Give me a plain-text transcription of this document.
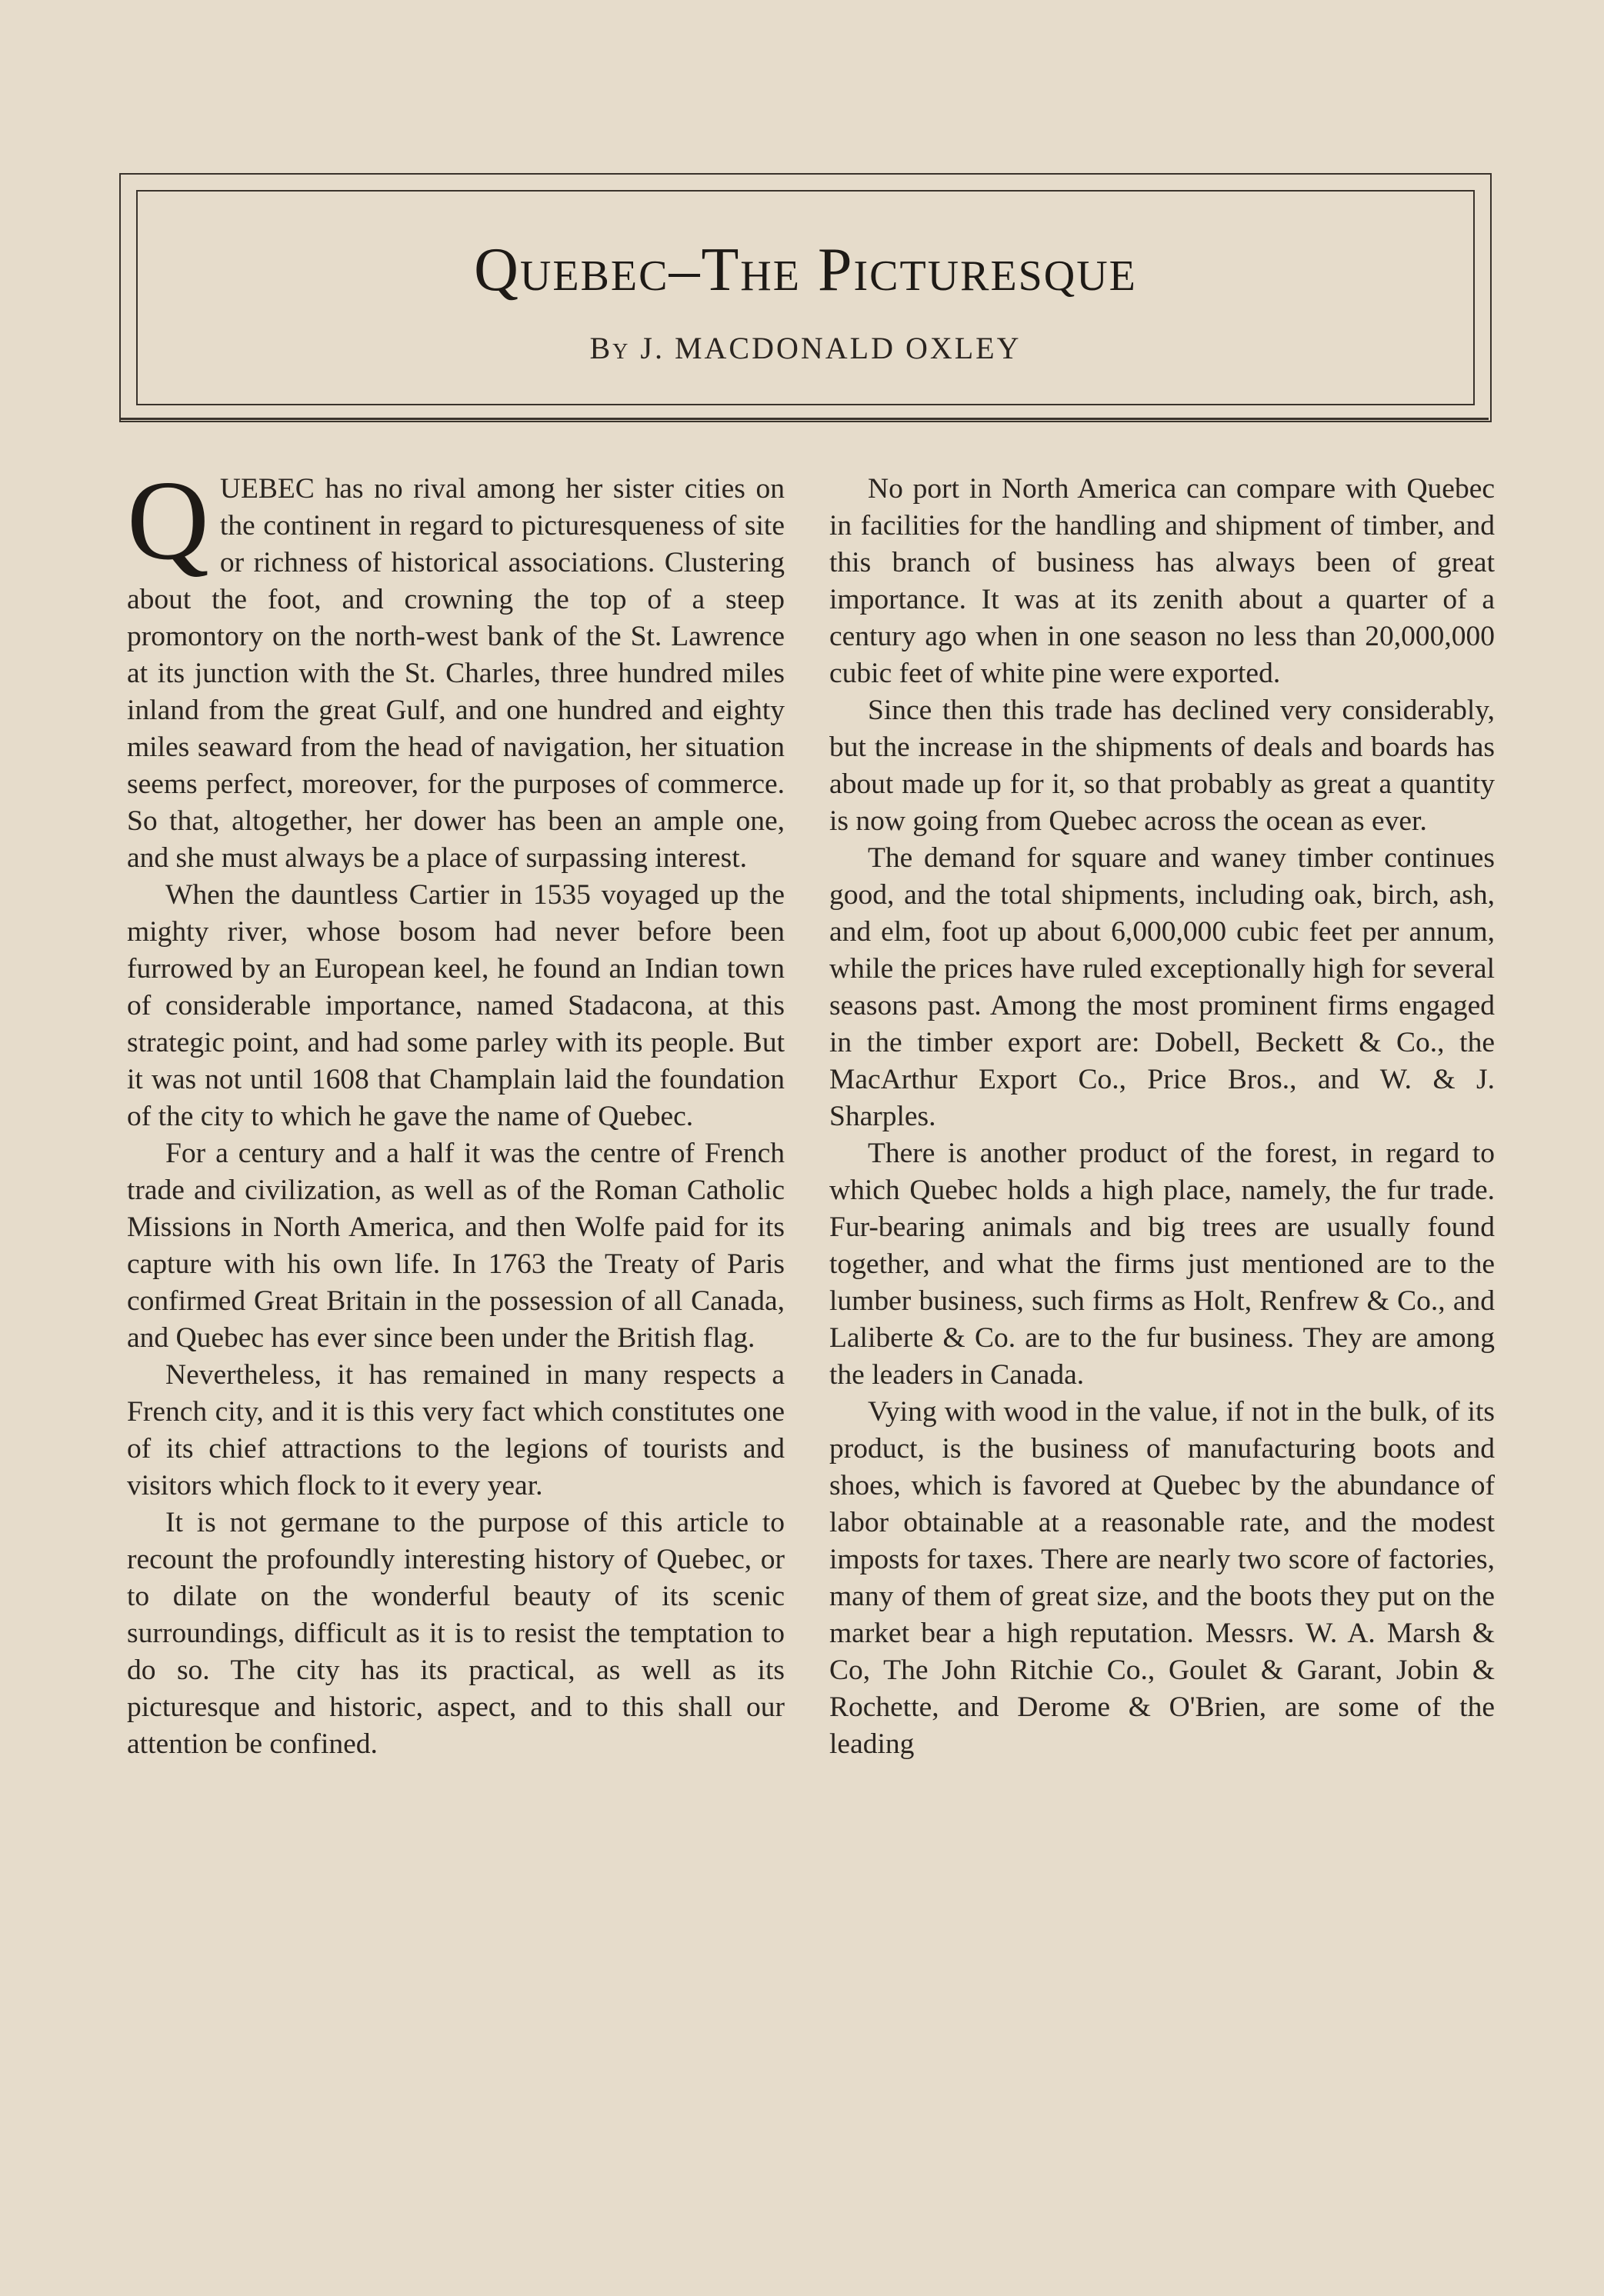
Quebec–The Picturesque
By J. MACDONALD OXLEY

QUEBEC has no rival among her sister cities on the continent in regard to picturesqueness of site or richness of historical associations. Clustering about the foot, and crowning the top of a steep promontory on the north-west bank of the St. Lawrence at its junction with the St. Charles, three hundred miles inland from the great Gulf, and one hundred and eighty miles seaward from the head of navigation, her situation seems perfect, moreover, for the purposes of commerce. So that, altogether, her dower has been an ample one, and she must always be a place of surpassing interest.

When the dauntless Cartier in 1535 voyaged up the mighty river, whose bosom had never before been furrowed by an European keel, he found an Indian town of considerable importance, named Stadacona, at this strategic point, and had some parley with its people. But it was not until 1608 that Champlain laid the foundation of the city to which he gave the name of Quebec.

For a century and a half it was the centre of French trade and civilization, as well as of the Roman Catholic Missions in North America, and then Wolfe paid for its capture with his own life. In 1763 the Treaty of Paris confirmed Great Britain in the possession of all Canada, and Quebec has ever since been under the British flag.

Nevertheless, it has remained in many respects a French city, and it is this very fact which constitutes one of its chief attractions to the legions of tourists and visitors which flock to it every year.

It is not germane to the purpose of this article to recount the profoundly interesting history of Quebec, or to dilate on the wonderful beauty of its scenic surroundings, difficult as it is to resist the temptation to do so. The city has its practical, as well as its picturesque and historic, aspect, and to this shall our attention be confined.

No port in North America can compare with Quebec in facilities for the handling and shipment of timber, and this branch of business has always been of great importance. It was at its zenith about a quarter of a century ago when in one season no less than 20,000,000 cubic feet of white pine were exported.

Since then this trade has declined very considerably, but the increase in the shipments of deals and boards has about made up for it, so that probably as great a quantity is now going from Quebec across the ocean as ever.

The demand for square and waney timber continues good, and the total shipments, including oak, birch, ash, and elm, foot up about 6,000,000 cubic feet per annum, while the prices have ruled exceptionally high for several seasons past. Among the most prominent firms engaged in the timber export are: Dobell, Beckett & Co., the MacArthur Export Co., Price Bros., and W. & J. Sharples.

There is another product of the forest, in regard to which Quebec holds a high place, namely, the fur trade. Fur-bearing animals and big trees are usually found together, and what the firms just mentioned are to the lumber business, such firms as Holt, Renfrew & Co., and Laliberte & Co. are to the fur business. They are among the leaders in Canada.

Vying with wood in the value, if not in the bulk, of its product, is the business of manufacturing boots and shoes, which is favored at Quebec by the abundance of labor obtainable at a reasonable rate, and the modest imposts for taxes. There are nearly two score of factories, many of them of great size, and the boots they put on the market bear a high reputation. Messrs. W. A. Marsh & Co, The John Ritchie Co., Goulet & Garant, Jobin & Rochette, and Derome & O'Brien, are some of the leading
